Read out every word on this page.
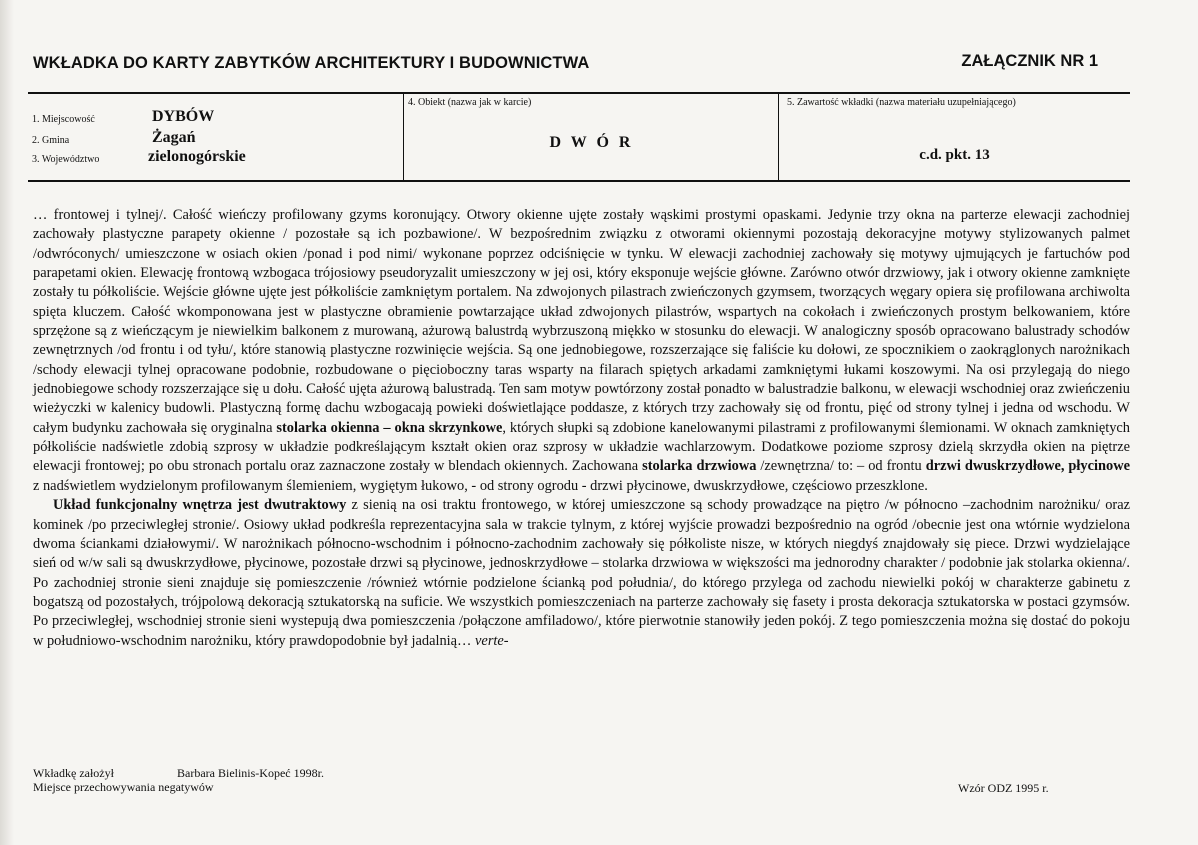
WKŁADKA DO KARTY ZABYTKÓW ARCHITEKTURY I BUDOWNICTWA	ZAŁĄCZNIK NR 1
1. Miejscowość	DYBÓW
2. Gmina	Żagań
3. Województwo	zielonogórskie
4. Obiekt (nazwa jak w karcie)
D W Ó R
5. Zawartość wkładki (nazwa materiału uzupełniającego)
c.d. pkt. 13

… frontowej i tylnej/. Całość wieńczy profilowany gzyms koronujący. Otwory okienne ujęte zostały wąskimi prostymi opaskami. Jedynie trzy okna na parterze elewacji zachodniej zachowały plastyczne parapety okienne / pozostałe są ich pozbawione/. W bezpośrednim związku z otworami okiennymi pozostają dekoracyjne motywy stylizowanych palmet /odwróconych/ umieszczone w osiach okien /ponad i pod nimi/ wykonane poprzez odciśnięcie w tynku. W elewacji zachodniej zachowały się motywy ujmujących je fartuchów pod parapetami okien. Elewację frontową wzbogaca trójosiowy pseudoryzalit umieszczony w jej osi, który eksponuje wejście główne. Zarówno otwór drzwiowy, jak i otwory okienne zamknięte zostały tu półkoliście. Wejście główne ujęte jest półkoliście zamkniętym portalem. Na zdwojonych pilastrach zwieńczonych gzymsem, tworzących węgary opiera się profilowana archiwolta spięta kluczem. Całość wkomponowana jest w plastyczne obramienie powtarzające układ zdwojonych pilastrów, wspartych na cokołach i zwieńczonych prostym belkowaniem, które sprzężone są z wieńczącym je niewielkim balkonem z murowaną, ażurową balustrdą wybrzuszoną miękko w stosunku do elewacji. W analogiczny sposób opracowano balustrady schodów zewnętrznych /od frontu i od tyłu/, które stanowią plastyczne rozwinięcie wejścia. Są one jednobiegowe, rozszerzające się faliście ku dołowi, ze spocznikiem o zaokrąglonych narożnikach /schody elewacji tylnej opracowane podobnie, rozbudowane o pięcioboczny taras wsparty na filarach spiętych arkadami zamkniętymi łukami koszowymi. Na osi przylegają do niego jednobiegowe schody rozszerzające się u dołu. Całość ujęta ażurową balustradą. Ten sam motyw powtórzony został ponadto w balustradzie balkonu, w elewacji wschodniej oraz zwieńczeniu wieżyczki w kalenicy budowli. Plastyczną formę dachu wzbogacają powieki doświetlające poddasze, z których trzy zachowały się od frontu, pięć od strony tylnej i jedna od wschodu. W całym budynku zachowała się oryginalna stolarka okienna – okna skrzynkowe, których słupki są zdobione kanelowanymi pilastrami z profilowanymi ślemionami. W oknach zamkniętych półkoliście nadświetle zdobią szprosy w układzie podkreślającym kształt okien oraz szprosy w układzie wachlarzowym. Dodatkowe poziome szprosy dzielą skrzydła okien na piętrze elewacji frontowej; po obu stronach portalu oraz zaznaczone zostały w blendach okiennych. Zachowana stolarka drzwiowa /zewnętrzna/ to: – od frontu drzwi dwuskrzydłowe, płycinowe z nadświetlem wydzielonym profilowanym ślemieniem, wygiętym łukowo, - od strony ogrodu - drzwi płycinowe, dwuskrzydłowe, częściowo przeszklone.

Układ funkcjonalny wnętrza jest dwutraktowy z sienią na osi traktu frontowego, w której umieszczone są schody prowadzące na piętro /w północno –zachodnim narożniku/ oraz kominek /po przeciwległej stronie/. Osiowy układ podkreśla reprezentacyjna sala w trakcie tylnym, z której wyjście prowadzi bezpośrednio na ogród /obecnie jest ona wtórnie wydzielona dwoma ściankami działowymi/. W narożnikach północno-wschodnim i północno-zachodnim zachowały się półkoliste nisze, w których niegdyś znajdowały się piece. Drzwi wydzielające sień od w/w sali są dwuskrzydłowe, płycinowe, pozostałe drzwi są płycinowe, jednoskrzydłowe – stolarka drzwiowa w większości ma jednorodny charakter / podobnie jak stolarka okienna/. Po zachodniej stronie sieni znajduje się pomieszczenie /również wtórnie podzielone ścianką pod południa/, do którego przylega od zachodu niewielki pokój w charakterze gabinetu z bogatszą od pozostałych, trójpolową dekoracją sztukatorską na suficie. We wszystkich pomieszczeniach na parterze zachowały się fasety i prosta dekoracja sztukatorska w postaci gzymsów. Po przeciwległej, wschodniej stronie sieni wystepują dwa pomieszczenia /połączone amfiladowo/, które pierwotnie stanowiły jeden pokój. Z tego pomieszczenia można się dostać do pokoju w południowo-wschodnim narożniku, który prawdopodobnie był jadalnią… verte-

Wkładkę założył	Barbara Bielinis-Kopeć 1998r.
Miejsce przechowywania negatywów	Wzór ODZ 1995 r.
